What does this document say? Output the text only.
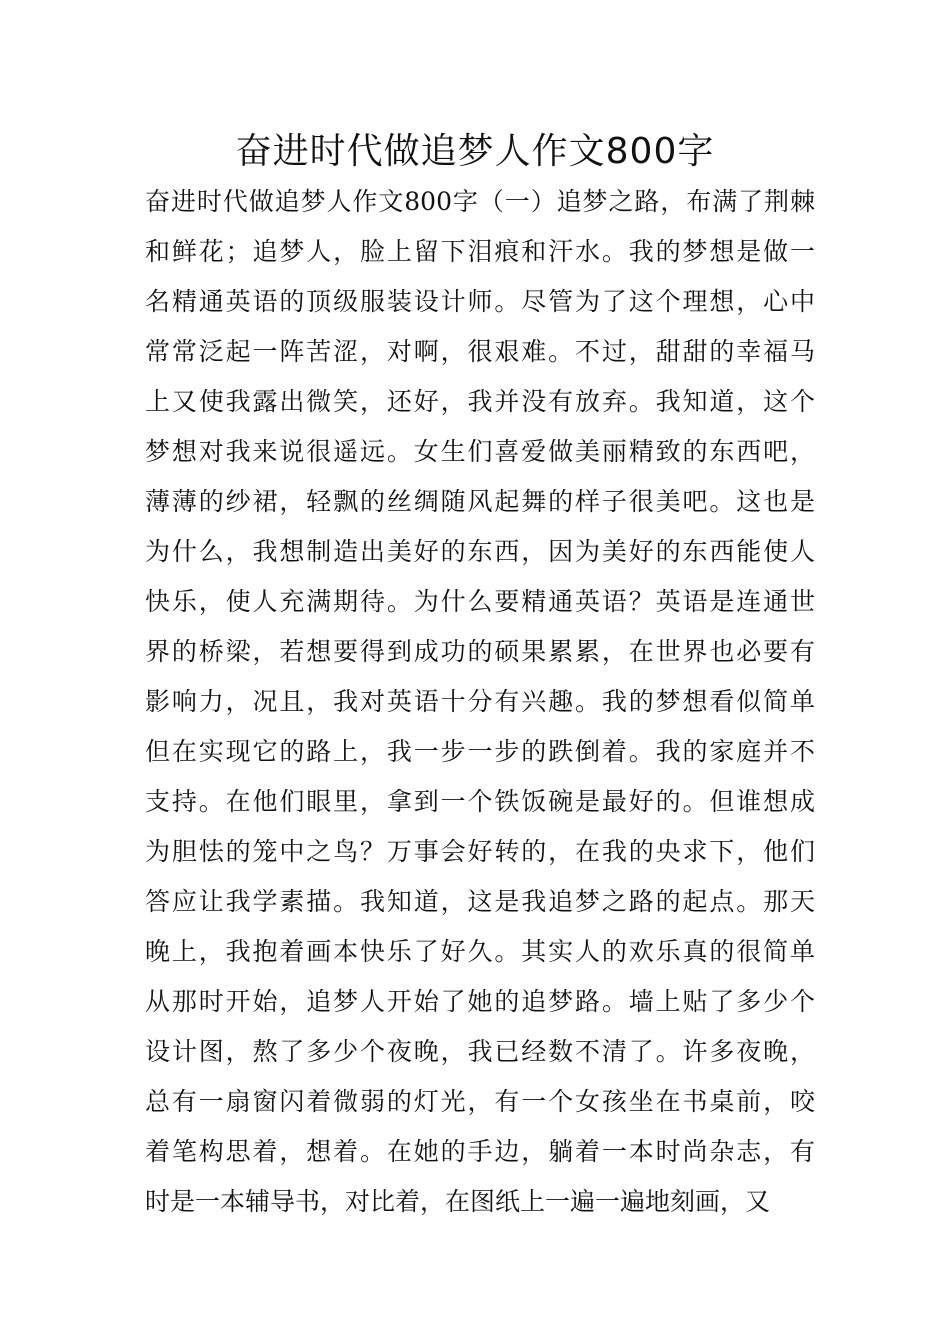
奋进时代做追梦人作文800字
奋进时代做追梦人作文800字（一）追梦之路，布满了荆棘
和鲜花；追梦人，脸上留下泪痕和汗水。我的梦想是做一
名精通英语的顶级服装设计师。尽管为了这个理想，心中
常常泛起一阵苦涩，对啊，很艰难。不过，甜甜的幸福马
上又使我露出微笑，还好，我并没有放弃。我知道，这个
梦想对我来说很遥远。女生们喜爱做美丽精致的东西吧，
薄薄的纱裙，轻飘的丝绸随风起舞的样子很美吧。这也是
为什么，我想制造出美好的东西，因为美好的东西能使人
快乐，使人充满期待。为什么要精通英语？英语是连通世
界的桥梁，若想要得到成功的硕果累累，在世界也必要有
影响力，况且，我对英语十分有兴趣。我的梦想看似简单
但在实现它的路上，我一步一步的跌倒着。我的家庭并不
支持。在他们眼里，拿到一个铁饭碗是最好的。但谁想成
为胆怯的笼中之鸟？万事会好转的，在我的央求下，他们
答应让我学素描。我知道，这是我追梦之路的起点。那天
晚上，我抱着画本快乐了好久。其实人的欢乐真的很简单
从那时开始，追梦人开始了她的追梦路。墙上贴了多少个
设计图，熬了多少个夜晚，我已经数不清了。许多夜晚，
总有一扇窗闪着微弱的灯光，有一个女孩坐在书桌前，咬
着笔构思着，想着。在她的手边，躺着一本时尚杂志，有
时是一本辅导书，对比着，在图纸上一遍一遍地刻画，又
